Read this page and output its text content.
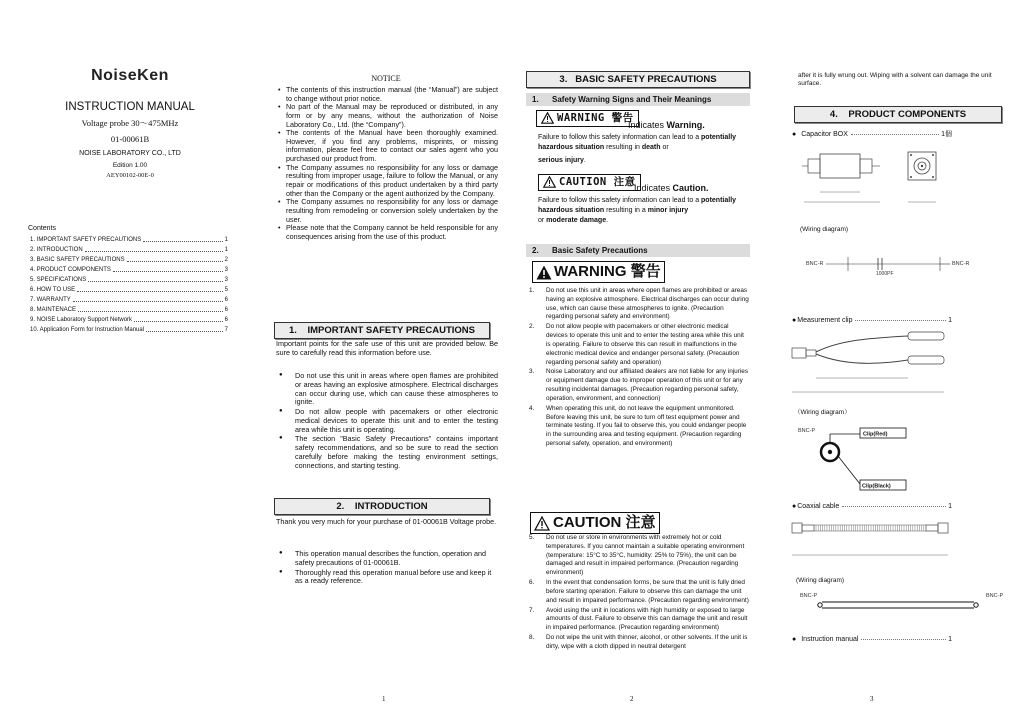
NoiseKen
INSTRUCTION MANUAL
Voltage probe 30〜475MHz
01-00061B
NOISE LABORATORY CO., LTD
Edition 1.00
AEY00102-00E-0
Contents
1. IMPORTANT SAFETY PRECAUTIONS	1
2. INTRODUCTION	1
3. BASIC SAFETY PRECAUTIONS	2
4. PRODUCT COMPONENTS	3
5. SPECIFICATIONS	3
6. HOW TO USE	5
7. WARRANTY	6
8. MAINTENACE	6
9. NOISE Laboratory Support Network	6
10. Application Form for Instruction Manual	7
1
NOTICE
• The contents of this instruction manual (the “Manual”) are subject to change without prior notice.
• No part of the Manual may be reproduced or distributed, in any form or by any means, without the authorization of Noise Laboratory Co., Ltd. (the “Company”).
• The contents of the Manual have been thoroughly examined. However, if you find any problems, misprints, or missing information, please feel free to contact our sales agent who you purchased our product from.
• The Company assumes no responsibility for any loss or damage resulting from improper usage, failure to follow the Manual, or any repair or modifications of this product undertaken by a third party other than the Company or the agent authorized by the Company.
• The Company assumes no responsibility for any loss or damage resulting from remodeling or conversion solely undertaken by the user.
• Please note that the Company cannot be held responsible for any consequences arising from the use of this product.
1.    IMPORTANT SAFETY PRECAUTIONS
Important points for the safe use of this unit are provided below. Be sure to carefully read this information before use.
● Do not use this unit in areas where open flames are prohibited or areas having an explosive atmosphere. Electrical discharges can occur during use, which can cause these atmospheres to ignite.
● Do not allow people with pacemakers or other electronic medical devices to operate this unit and to enter the testing area while this unit is operating.
● The section "Basic Safety Precautions" contains important safety recommendations, and so be sure to read the section carefully before making the testing environment settings, connections, and starting testing.
2.    INTRODUCTION
Thank you very much for your purchase of 01-00061B Voltage probe.
● This operation manual describes the function, operation and safety precautions of 01-00061B.
● Thoroughly read this operation manual before use and keep it as a ready reference.
3.   BASIC SAFETY PRECAUTIONS
1.      Safety Warning Signs and Their Meanings
WARNING 警告
Indicates Warning.
Failure to follow this safety information can lead to a potentially hazardous situation resulting in death or
serious injury.
CAUTION 注意
Indicates Caution.
Failure to follow this safety information can lead to a potentially hazardous situation resulting in a minor injury
or moderate damage.
2.      Basic Safety Precautions
WARNING 警告
1. Do not use this unit in areas where open flames are prohibited or areas having an explosive atmosphere. Electrical discharges can occur during use, which can cause these atmospheres to ignite. (Precaution regarding personal safety and environment)
2. Do not allow people with pacemakers or other electronic medical devices to operate this unit and to enter the testing area while this unit is operating. Failure to observe this can result in malfunctions in the electronic medical device and endanger personal safety. (Precaution regarding personal safety and operation)
3. Noise Laboratory and our affiliated dealers are not liable for any injuries or equipment damage due to improper operation of this unit or for any resulting incidental damages. (Precaution regarding personal safety, operation, environment, and connection)
4. When operating this unit, do not leave the equipment unmonitored. Before leaving this unit, be sure to turn off test equipment power and terminate testing. If you fail to observe this, you could endanger people in the surrounding area and testing equipment. (Precaution regarding personal safety, operation, and environment)
CAUTION 注意
5. Do not use or store in environments with extremely hot or cold temperatures. If you cannot maintain a suitable operating environment (temperature: 15°C to 35°C, humidity: 25% to 75%), the unit can be damaged and result in impaired performance. (Precaution regarding environment)
6. In the event that condensation forms, be sure that the unit is fully dried before starting operation. Failure to observe this can damage the unit and result in impaired performance. (Precaution regarding environment)
7. Avoid using the unit in locations with high humidity or exposed to large amounts of dust. Failure to observe this can damage the unit and result in impaired performance. (Precaution regarding environment)
8. Do not wipe the unit with thinner, alcohol, or other solvents. If the unit is dirty, wipe with a cloth dipped in neutral detergent
2
after it is fully wrung out. Wiping with a solvent can damage the unit surface.
4.    PRODUCT COMPONENTS
● Capacitor BOX	1個
(Wiring diagram)
BNC-R	BNC-R
1000PF
● Measurement clip	1
（Wiring diagram）
BNC-P
Clip(Red)
Clip(Black)
● Coaxial cable	1
(Wiring diagram)
BNC-P	BNC-P
● Instruction manual	1
3
